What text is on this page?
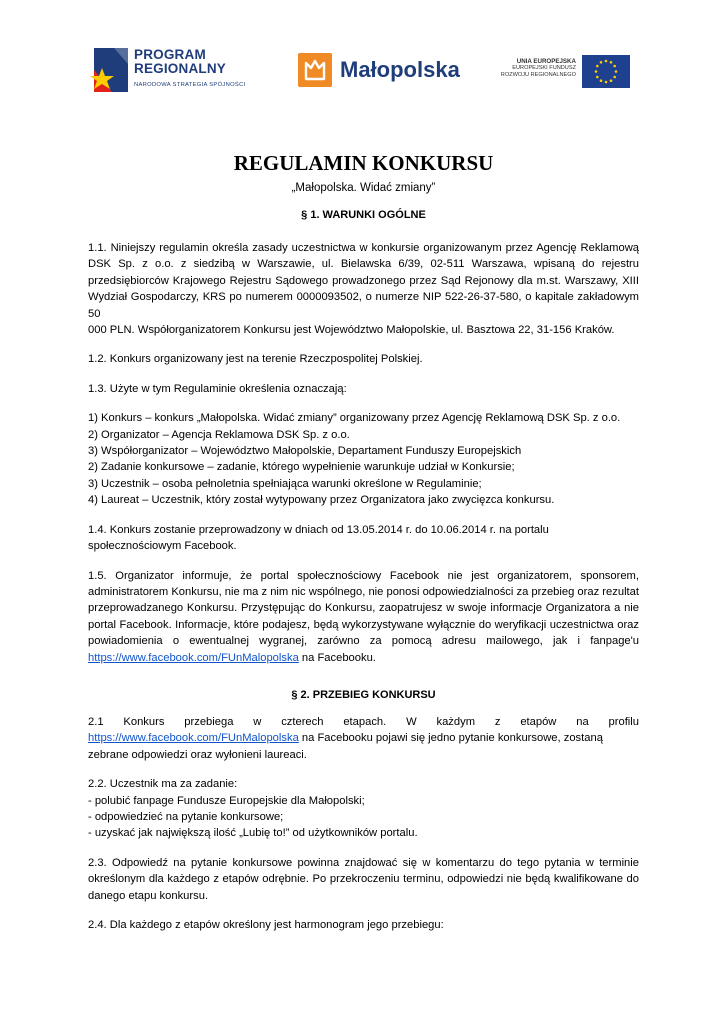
PROGRAM
REGIONALNY
NARODOWA STRATEGIA SPÓJNOŚCI
Małopolska	UNIA EUROPEJSKA
EUROPEJSKI FUNDUSZ
ROZWOJU REGIONALNEGO
REGULAMIN KONKURSU
„Małopolska. Widać zmiany”
§ 1. WARUNKI OGÓLNE
1.1. Niniejszy regulamin określa zasady uczestnictwa w konkursie organizowanym przez Agencję Reklamową
DSK Sp. z o.o. z siedzibą w Warszawie, ul. Bielawska 6/39, 02-511 Warszawa, wpisaną do rejestru
przedsiębiorców Krajowego Rejestru Sądowego prowadzonego przez Sąd Rejonowy dla m.st. Warszawy, XIII
Wydział Gospodarczy, KRS po numerem 0000093502, o numerze NIP 522-26-37-580, o kapitale zakładowym 50
000 PLN. Współorganizatorem Konkursu jest Województwo Małopolskie, ul. Basztowa 22, 31-156 Kraków.
1.2. Konkurs organizowany jest na terenie Rzeczpospolitej Polskiej.
1.3. Użyte w tym Regulaminie określenia oznaczają:
1) Konkurs – konkurs „Małopolska. Widać zmiany” organizowany przez Agencję Reklamową DSK Sp. z o.o.
2) Organizator – Agencja Reklamowa DSK Sp. z o.o.
3) Współorganizator – Województwo Małopolskie, Departament Funduszy Europejskich
2) Zadanie konkursowe – zadanie, którego wypełnienie warunkuje udział w Konkursie;
3) Uczestnik – osoba pełnoletnia spełniająca warunki określone w Regulaminie;
4) Laureat – Uczestnik, który został wytypowany przez Organizatora jako zwycięzca konkursu.
1.4. Konkurs zostanie przeprowadzony w dniach od 13.05.2014 r. do 10.06.2014 r. na portalu
społecznościowym Facebook.
1.5. Organizator informuje, że portal społecznościowy Facebook nie jest organizatorem, sponsorem,
administratorem Konkursu, nie ma z nim nic wspólnego, nie ponosi odpowiedzialności za przebieg oraz rezultat
przeprowadzanego Konkursu. Przystępując do Konkursu, zaopatrujesz w swoje informacje Organizatora a nie
portal Facebook. Informacje, które podajesz, będą wykorzystywane wyłącznie do weryfikacji uczestnictwa oraz
powiadomienia o ewentualnej wygranej, zarówno za pomocą adresu mailowego, jak i fanpage'u
https://www.facebook.com/FUnMalopolska na Facebooku.
§ 2. PRZEBIEG KONKURSU
2.1 Konkurs przebiega w czterech etapach. W każdym z etapów na profilu
https://www.facebook.com/FUnMalopolska na Facebooku pojawi się jedno pytanie konkursowe, zostaną
zebrane odpowiedzi oraz wyłonieni laureaci.
2.2. Uczestnik ma za zadanie:
- polubić fanpage Fundusze Europejskie dla Małopolski;
- odpowiedzieć na pytanie konkursowe;
- uzyskać jak największą ilość „Lubię to!” od użytkowników portalu.
2.3. Odpowiedź na pytanie konkursowe powinna znajdować się w komentarzu do tego pytania w terminie
określonym dla każdego z etapów odrębnie. Po przekroczeniu terminu, odpowiedzi nie będą kwalifikowane do
danego etapu konkursu.
2.4. Dla każdego z etapów określony jest harmonogram jego przebiegu:
